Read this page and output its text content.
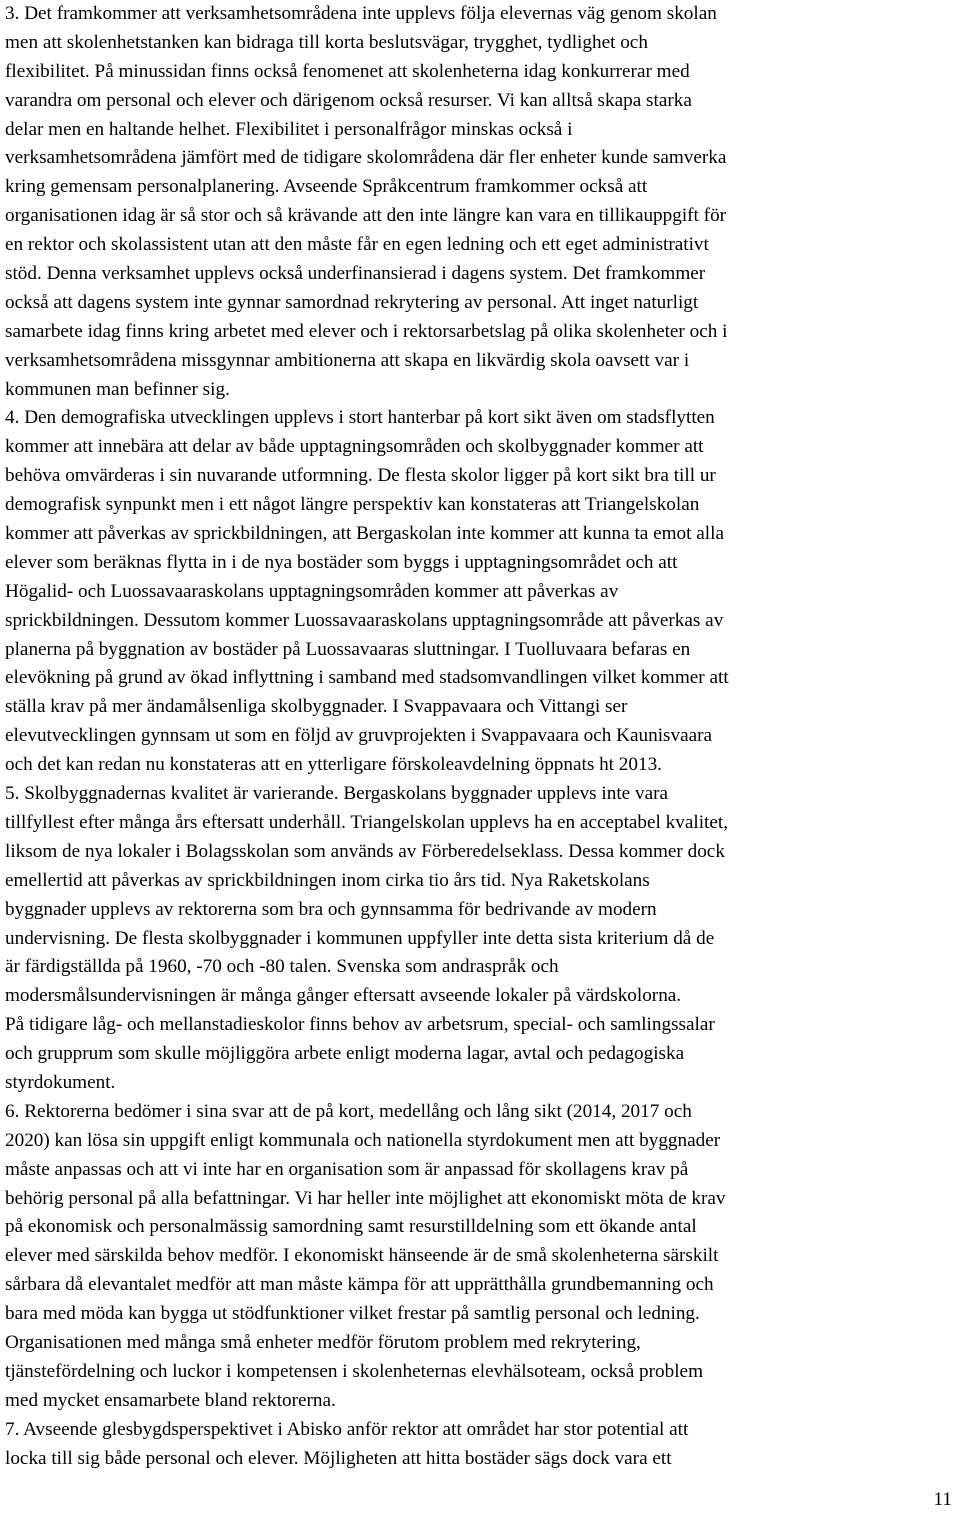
3. Det framkommer att verksamhetsområdena inte upplevs följa elevernas väg genom skolan
men att skolenhetstanken kan bidraga till korta beslutsvägar, trygghet, tydlighet och
flexibilitet. På minussidan finns också fenomenet att skolenheterna idag konkurrerar med
varandra om personal och elever och därigenom också resurser. Vi kan alltså skapa starka
delar men en haltande helhet. Flexibilitet i personalfrågor minskas också i
verksamhetsområdena jämfört med de tidigare skolområdena där fler enheter kunde samverka
kring gemensam personalplanering. Avseende Språkcentrum framkommer också att
organisationen idag är så stor och så krävande att den inte längre kan vara en tillikauppgift för
en rektor och skolassistent utan att den måste får en egen ledning och ett eget administrativt
stöd. Denna verksamhet upplevs också underfinansierad i dagens system. Det framkommer
också att dagens system inte gynnar samordnad rekrytering av personal. Att inget naturligt
samarbete idag finns kring arbetet med elever och i rektorsarbetslag på olika skolenheter och i
verksamhetsområdena missgynnar ambitionerna att skapa en likvärdig skola oavsett var i
kommunen man befinner sig.
4. Den demografiska utvecklingen upplevs i stort hanterbar på kort sikt även om stadsflytten
kommer att innebära att delar av både upptagningsområden och skolbyggnader kommer att
behöva omvärderas i sin nuvarande utformning. De flesta skolor ligger på kort sikt bra till ur
demografisk synpunkt men i ett något längre perspektiv kan konstateras att Triangelskolan
kommer att påverkas av sprickbildningen, att Bergaskolan inte kommer att kunna ta emot alla
elever som beräknas flytta in i de nya bostäder som byggs i upptagningsområdet och att
Högalid- och Luossavaaraskolans upptagningsområden kommer att påverkas av
sprickbildningen. Dessutom kommer Luossavaaraskolans upptagningsområde att påverkas av
planerna på byggnation av bostäder på Luossavaaras sluttningar. I Tuolluvaara befaras en
elevökning på grund av ökad inflyttning i samband med stadsomvandlingen vilket kommer att
ställa krav på mer ändamålsenliga skolbyggnader. I Svappavaara och Vittangi ser
elevutvecklingen gynnsam ut som en följd av gruvprojekten i Svappavaara och Kaunisvaara
och det kan redan nu konstateras att en ytterligare förskoleavdelning öppnats ht 2013.
5. Skolbyggnadernas kvalitet är varierande. Bergaskolans byggnader upplevs inte vara
tillfyllest efter många års eftersatt underhåll. Triangelskolan upplevs ha en acceptabel kvalitet,
liksom de nya lokaler i Bolagsskolan som används av Förberedelseklass. Dessa kommer dock
emellertid att påverkas av sprickbildningen inom cirka tio års tid. Nya Raketskolans
byggnader upplevs av rektorerna som bra och gynnsamma för bedrivande av modern
undervisning. De flesta skolbyggnader i kommunen uppfyller inte detta sista kriterium då de
är färdigställda på 1960, -70 och -80 talen. Svenska som andraspråk och
modersmålsundervisningen är många gånger eftersatt avseende lokaler på värdskolorna.
På tidigare låg- och mellanstadieskolor finns behov av arbetsrum, special- och samlingssalar
och grupprum som skulle möjliggöra arbete enligt moderna lagar, avtal och pedagogiska
styrdokument.
6. Rektorerna bedömer i sina svar att de på kort, medellång och lång sikt (2014, 2017 och
2020) kan lösa sin uppgift enligt kommunala och nationella styrdokument men att byggnader
måste anpassas och att vi inte har en organisation som är anpassad för skollagens krav på
behörig personal på alla befattningar. Vi har heller inte möjlighet att ekonomiskt möta de krav
på ekonomisk och personalmässig samordning samt resurstilldelning som ett ökande antal
elever med särskilda behov medför. I ekonomiskt hänseende är de små skolenheterna särskilt
sårbara då elevantalet medför att man måste kämpa för att upprätthålla grundbemanning och
bara med möda kan bygga ut stödfunktioner vilket frestar på samtlig personal och ledning.
Organisationen med många små enheter medför förutom problem med rekrytering,
tjänstefördelning och luckor i kompetensen i skolenheternas elevhälsoteam, också problem
med mycket ensamarbete bland rektorerna.
7. Avseende glesbygdsperspektivet i Abisko anför rektor att området har stor potential att
locka till sig både personal och elever. Möjligheten att hitta bostäder sägs dock vara ett
11
